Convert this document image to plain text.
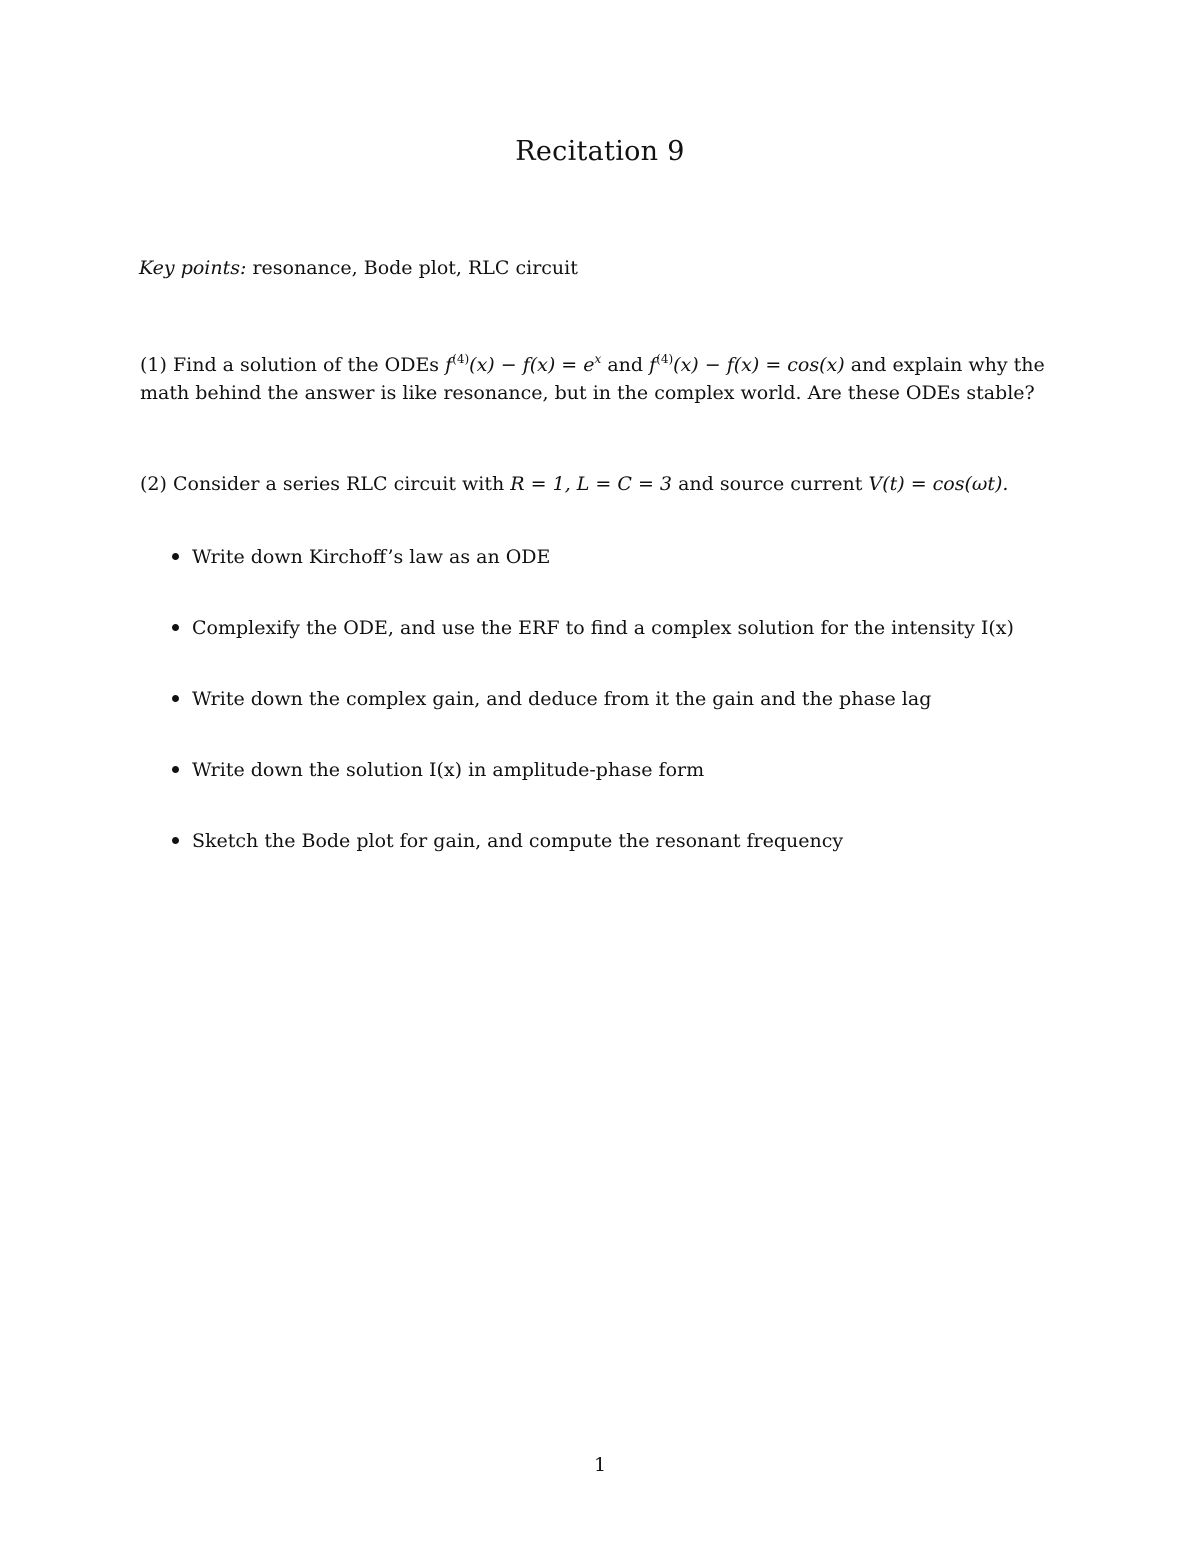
Recitation 9
Key points: resonance, Bode plot, RLC circuit
(1) Find a solution of the ODEs $f^{(4)}(x) - f(x) = e^x$ and $f^{(4)}(x) - f(x) = \cos(x)$ and explain why the math behind the answer is like resonance, but in the complex world. Are these ODEs stable?
(2) Consider a series RLC circuit with R = 1, L = C = 3 and source current V(t) = cos(ωt).
Write down Kirchoff’s law as an ODE
Complexify the ODE, and use the ERF to find a complex solution for the intensity I(x)
Write down the complex gain, and deduce from it the gain and the phase lag
Write down the solution I(x) in amplitude-phase form
Sketch the Bode plot for gain, and compute the resonant frequency
1
